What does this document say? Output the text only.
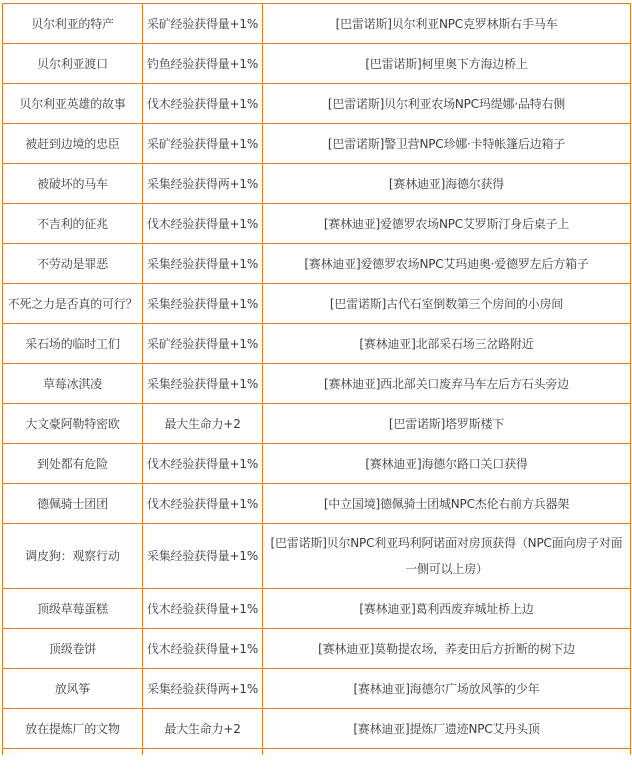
贝尔利亚的特产	采矿经验获得量+1%	[巴雷诺斯]贝尔利亚NPC克罗林斯右手马车
贝尔利亚渡口	钓鱼经验获得量+1%	[巴雷诺斯]柯里奥下方海边桥上
贝尔利亚英雄的故事	伐木经验获得量+1%	[巴雷诺斯]贝尔利亚农场NPC玛缇娜·品特右侧
被赶到边境的忠臣	采矿经验获得量+1%	[巴雷诺斯]警卫营NPC珍娜·卡特帐篷后边箱子
被破坏的马车	采集经验获得两+1%	[赛林迪亚]海德尔获得
不吉利的征兆	伐木经验获得量+1%	[赛林迪亚]爱德罗农场NPC艾罗斯汀身后桌子上
不劳动是罪恶	采集经验获得量+1%	[赛林迪亚]爱德罗农场NPC艾玛迪奥·爱德罗左后方箱子
不死之力是否真的可行？	采集经验获得量+1%	[巴雷诺斯]古代石室倒数第三个房间的小房间
采石场的临时工们	采矿经验获得量+1%	[赛林迪亚]北部采石场三岔路附近
草莓冰淇凌	采集经验获得量+1%	[赛林迪亚]西北部关口废弃马车左后方石头旁边
大文豪阿勒特密欧	最大生命力+2	[巴雷诺斯]塔罗斯楼下
到处都有危险	伐木经验获得量+1%	[赛林迪亚]海德尔路口关口获得
德佩骑士团团	伐木经验获得量+1%	[中立国境]德佩骑士团城NPC杰伦右前方兵器架
调皮狗：观察行动	采集经验获得量+1%	[巴雷诺斯]贝尔NPC利亚玛利阿诺面对房顶获得（NPC面向房子对面一侧可以上房）
顶级草莓蛋糕	伐木经验获得量+1%	[赛林迪亚]葛利西废弃城址桥上边
顶级卷饼	伐木经验获得量+1%	[赛林迪亚]莫勒提农场，荞麦田后方折断的树下边
放风筝	采集经验获得两+1%	[赛林迪亚]海德尔广场放风筝的少年
放在提炼厂的文物	最大生命力+2	[赛林迪亚]提炼厂遗迹NPC艾丹头顶
